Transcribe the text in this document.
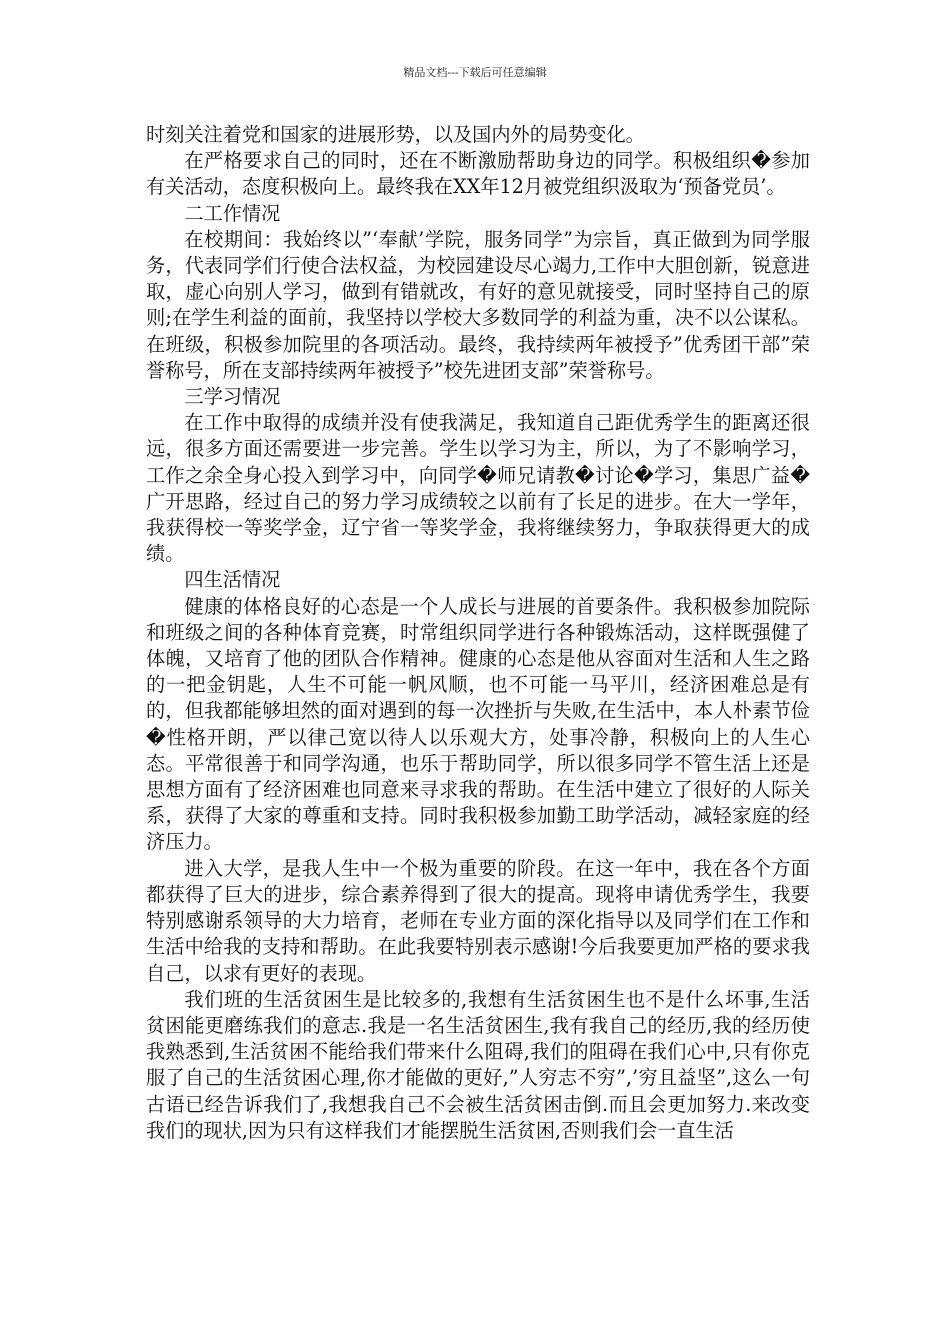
精品文档---下载后可任意编辑

时刻关注着党和国家的进展形势，以及国内外的局势变化。

在严格要求自己的同时，还在不断激励帮助身边的同学。积极组织�参加有关活动，态度积极向上。最终我在XX年12月被党组织汲取为‘预备党员’。

二工作情况

在校期间：我始终以”‘奉献’学院，服务同学”为宗旨，真正做到为同学服务，代表同学们行使合法权益，为校园建设尽心竭力,工作中大胆创新，锐意进取，虚心向别人学习，做到有错就改，有好的意见就接受，同时坚持自己的原则;在学生利益的面前，我坚持以学校大多数同学的利益为重，决不以公谋私。在班级，积极参加院里的各项活动。最终，我持续两年被授予”优秀团干部”荣誉称号，所在支部持续两年被授予”校先进团支部”荣誉称号。

三学习情况

在工作中取得的成绩并没有使我满足，我知道自己距优秀学生的距离还很远，很多方面还需要进一步完善。学生以学习为主，所以，为了不影响学习，工作之余全身心投入到学习中，向同学�师兄请教�讨论�学习，集思广益�广开思路，经过自己的努力学习成绩较之以前有了长足的进步。在大一学年，我获得校一等奖学金，辽宁省一等奖学金，我将继续努力，争取获得更大的成绩。

四生活情况

健康的体格良好的心态是一个人成长与进展的首要条件。我积极参加院际和班级之间的各种体育竞赛，时常组织同学进行各种锻炼活动，这样既强健了体魄，又培育了他的团队合作精神。健康的心态是他从容面对生活和人生之路的一把金钥匙，人生不可能一帆风顺，也不可能一马平川，经济困难总是有的，但我都能够坦然的面对遇到的每一次挫折与失败,在生活中，本人朴素节俭�性格开朗，严以律己宽以待人以乐观大方，处事冷静，积极向上的人生心态。平常很善于和同学沟通，也乐于帮助同学，所以很多同学不管生活上还是思想方面有了经济困难也同意来寻求我的帮助。在生活中建立了很好的人际关系，获得了大家的尊重和支持。同时我积极参加勤工助学活动，减轻家庭的经济压力。

进入大学，是我人生中一个极为重要的阶段。在这一年中，我在各个方面都获得了巨大的进步，综合素养得到了很大的提高。现将申请优秀学生，我要特别感谢系领导的大力培育，老师在专业方面的深化指导以及同学们在工作和生活中给我的支持和帮助。在此我要特别表示感谢!今后我要更加严格的要求我自己，以求有更好的表现。

我们班的生活贫困生是比较多的,我想有生活贫困生也不是什么坏事,生活贫困能更磨练我们的意志.我是一名生活贫困生,我有我自己的经历,我的经历使我熟悉到,生活贫困不能给我们带来什么阻碍,我们的阻碍在我们心中,只有你克服了自己的生活贫困心理,你才能做的更好,”人穷志不穷”,’穷且益坚”,这么一句古语已经告诉我们了,我想我自己不会被生活贫困击倒.而且会更加努力.来改变我们的现状,因为只有这样我们才能摆脱生活贫困,否则我们会一直生活
